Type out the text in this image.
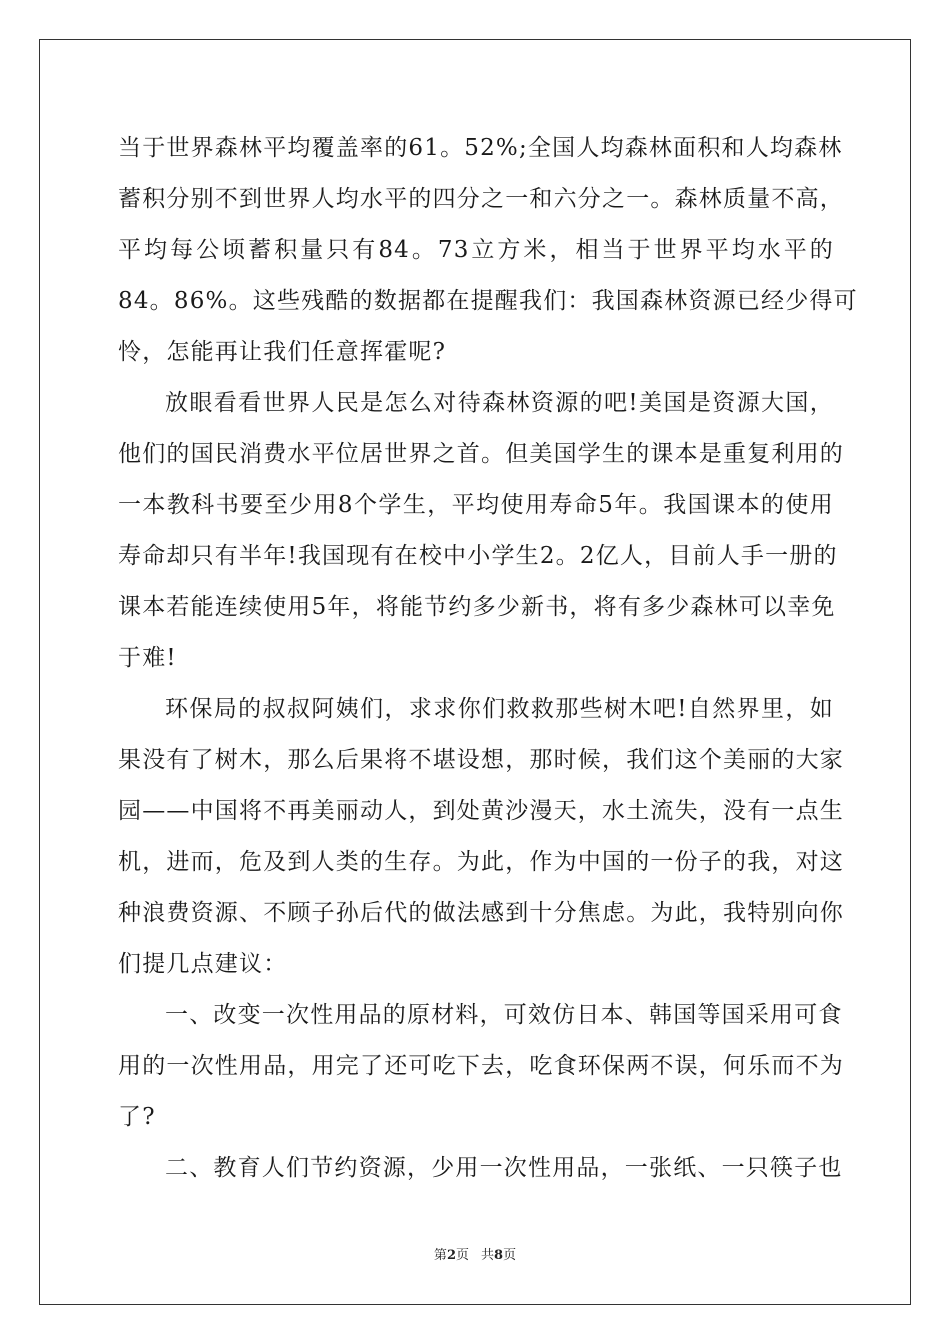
当于世界森林平均覆盖率的61。52%;全国人均森林面积和人均森林
蓄积分别不到世界人均水平的四分之一和六分之一。森林质量不高，
平均每公顷蓄积量只有84。73立方米，相当于世界平均水平的
84。86%。这些残酷的数据都在提醒我们：我国森林资源已经少得可
怜，怎能再让我们任意挥霍呢?
放眼看看世界人民是怎么对待森林资源的吧!美国是资源大国，
他们的国民消费水平位居世界之首。但美国学生的课本是重复利用的
一本教科书要至少用8个学生，平均使用寿命5年。我国课本的使用
寿命却只有半年!我国现有在校中小学生2。2亿人，目前人手一册的
课本若能连续使用5年，将能节约多少新书，将有多少森林可以幸免
于难!
环保局的叔叔阿姨们，求求你们救救那些树木吧!自然界里，如
果没有了树木，那么后果将不堪设想，那时候，我们这个美丽的大家
园——中国将不再美丽动人，到处黄沙漫天，水土流失，没有一点生
机，进而，危及到人类的生存。为此，作为中国的一份子的我，对这
种浪费资源、不顾子孙后代的做法感到十分焦虑。为此，我特别向你
们提几点建议：
一、改变一次性用品的原材料，可效仿日本、韩国等国采用可食
用的一次性用品，用完了还可吃下去，吃食环保两不误，何乐而不为
了?
二、教育人们节约资源，少用一次性用品，一张纸、一只筷子也
第2页 共8页
